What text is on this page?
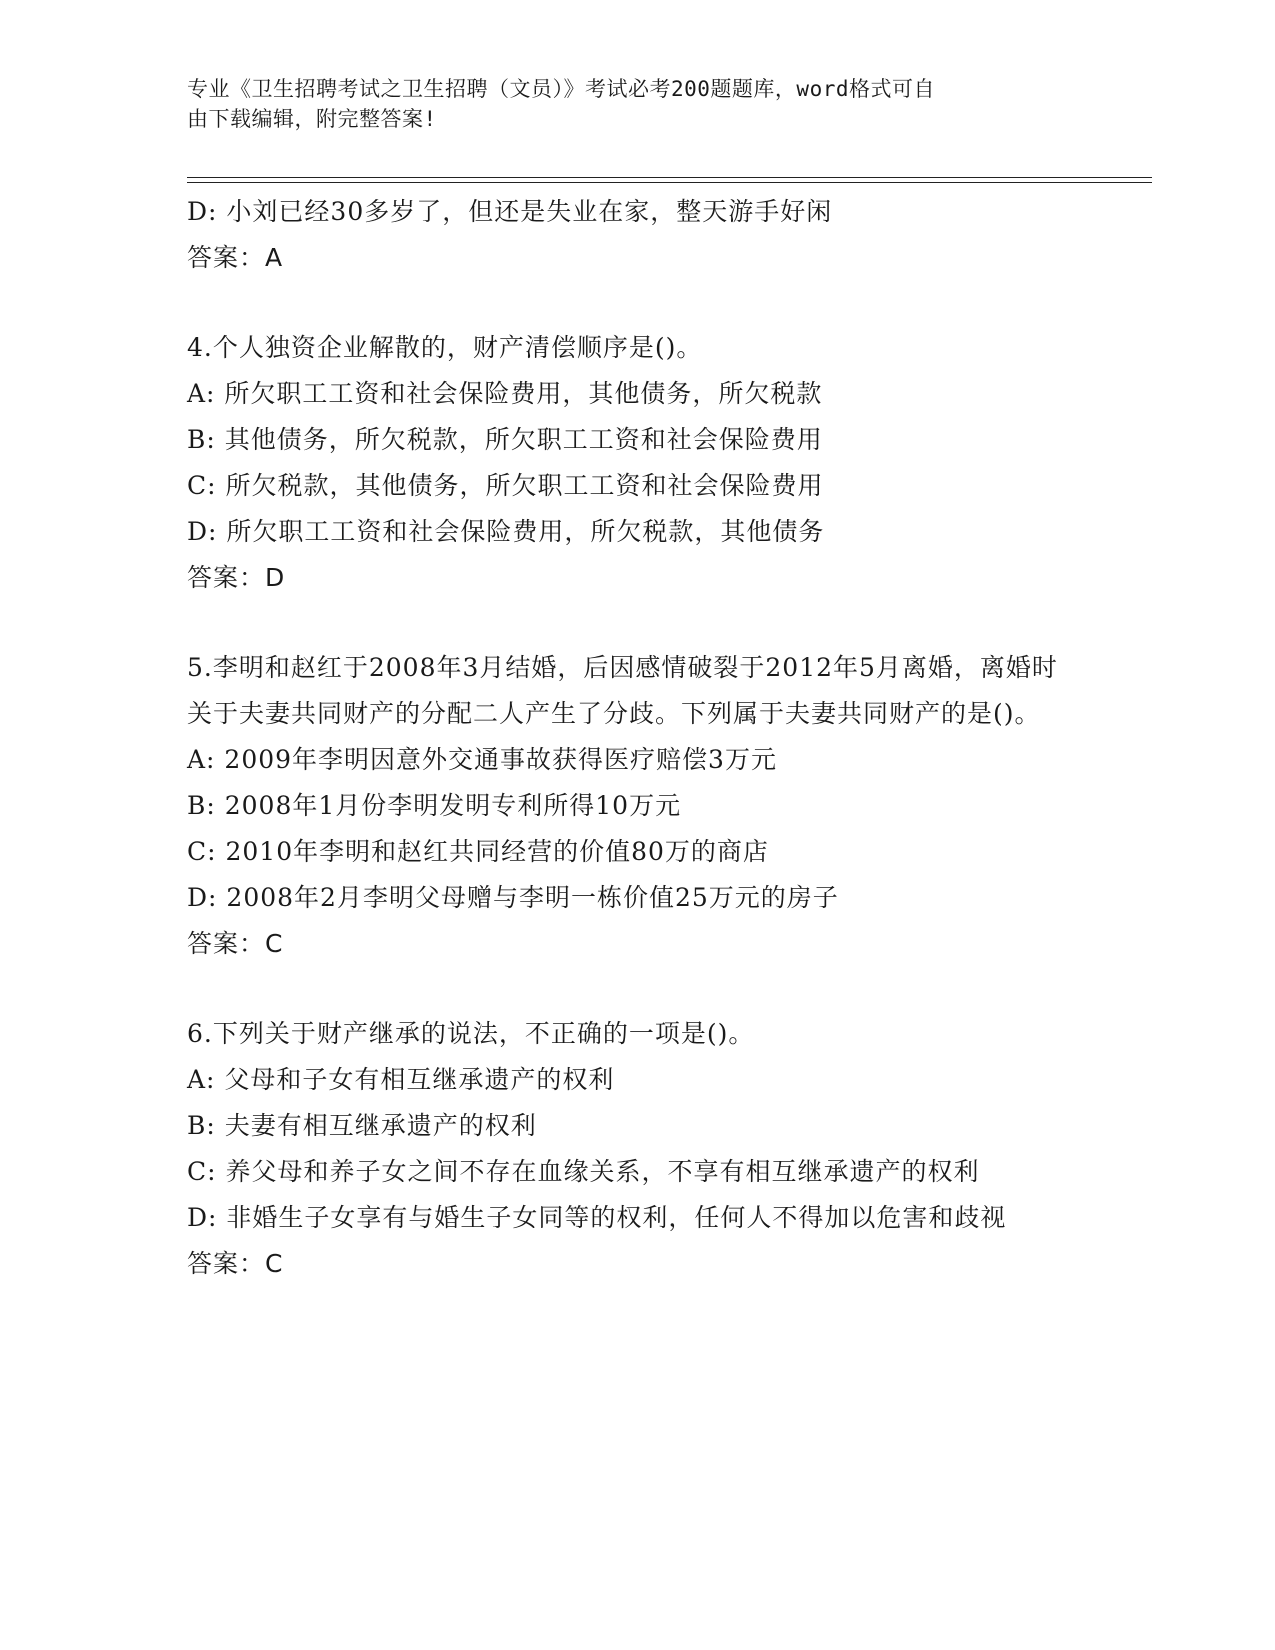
专业《卫生招聘考试之卫生招聘（文员）》考试必考200题题库，word格式可自
由下载编辑，附完整答案!

D: 小刘已经30多岁了，但还是失业在家，整天游手好闲

答案：A

4.个人独资企业解散的，财产清偿顺序是()。

A: 所欠职工工资和社会保险费用，其他债务，所欠税款

B: 其他债务，所欠税款，所欠职工工资和社会保险费用

C: 所欠税款，其他债务，所欠职工工资和社会保险费用

D: 所欠职工工资和社会保险费用，所欠税款，其他债务

答案：D

5.李明和赵红于2008年3月结婚，后因感情破裂于2012年5月离婚，离婚时关于夫妻共同财产的分配二人产生了分歧。下列属于夫妻共同财产的是()。

A: 2009年李明因意外交通事故获得医疗赔偿3万元

B: 2008年1月份李明发明专利所得10万元

C: 2010年李明和赵红共同经营的价值80万的商店

D: 2008年2月李明父母赠与李明一栋价值25万元的房子

答案：C

6.下列关于财产继承的说法，不正确的一项是()。

A: 父母和子女有相互继承遗产的权利

B: 夫妻有相互继承遗产的权利

C: 养父母和养子女之间不存在血缘关系，不享有相互继承遗产的权利

D: 非婚生子女享有与婚生子女同等的权利，任何人不得加以危害和歧视

答案：C
